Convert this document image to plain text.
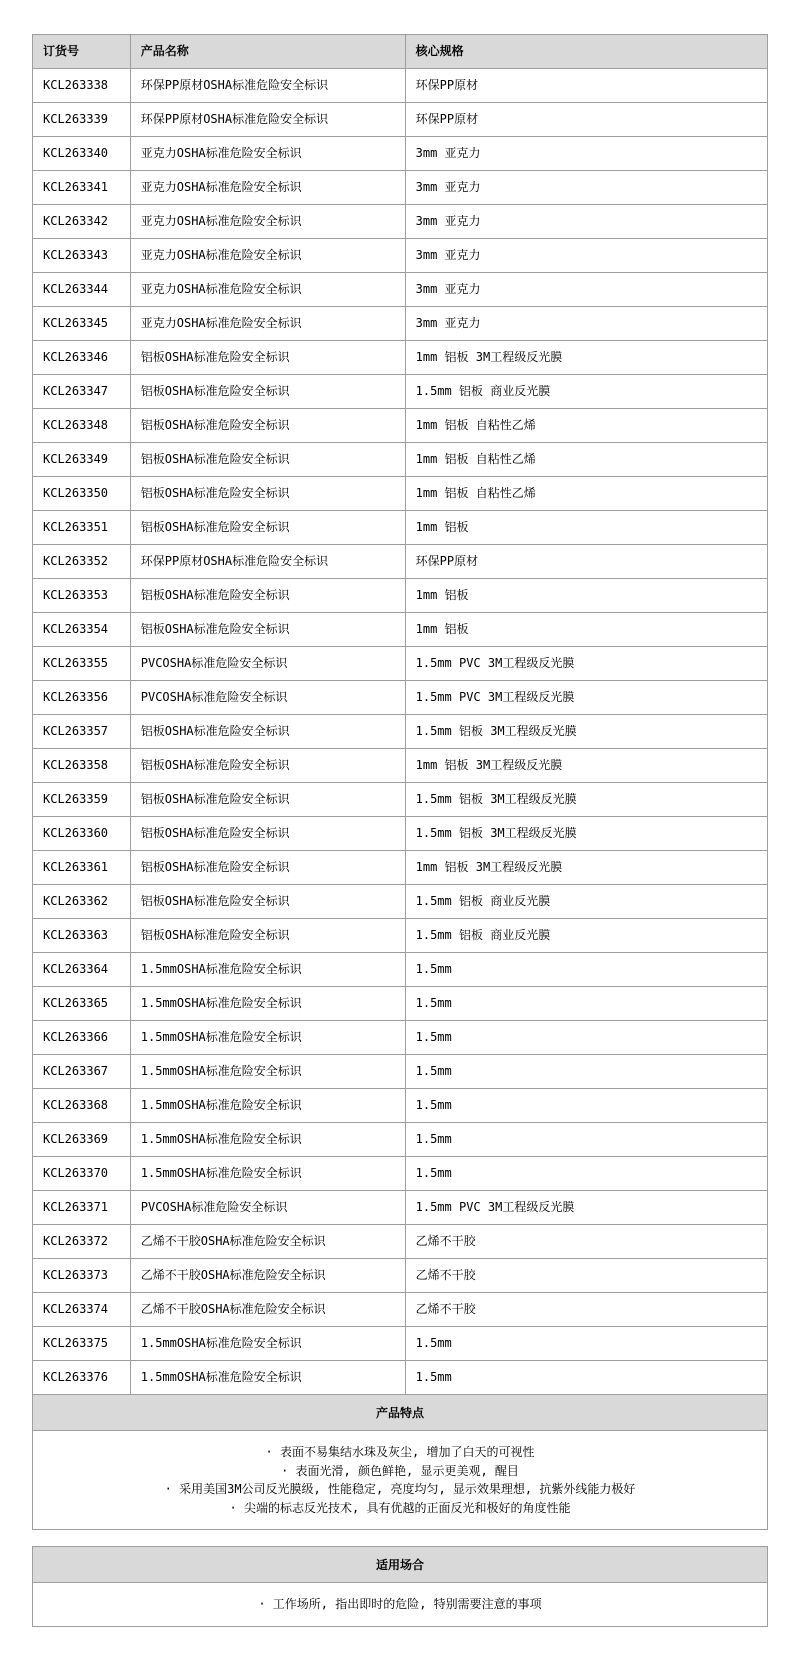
订货号	产品名称	核心规格
KCL263338	环保PP原材OSHA标准危险安全标识	环保PP原材
KCL263339	环保PP原材OSHA标准危险安全标识	环保PP原材
KCL263340	亚克力OSHA标准危险安全标识	3mm 亚克力
KCL263341	亚克力OSHA标准危险安全标识	3mm 亚克力
KCL263342	亚克力OSHA标准危险安全标识	3mm 亚克力
KCL263343	亚克力OSHA标准危险安全标识	3mm 亚克力
KCL263344	亚克力OSHA标准危险安全标识	3mm 亚克力
KCL263345	亚克力OSHA标准危险安全标识	3mm 亚克力
KCL263346	铝板OSHA标准危险安全标识	1mm 铝板 3M工程级反光膜
KCL263347	铝板OSHA标准危险安全标识	1.5mm 铝板 商业反光膜
KCL263348	铝板OSHA标准危险安全标识	1mm 铝板 自粘性乙烯
KCL263349	铝板OSHA标准危险安全标识	1mm 铝板 自粘性乙烯
KCL263350	铝板OSHA标准危险安全标识	1mm 铝板 自粘性乙烯
KCL263351	铝板OSHA标准危险安全标识	1mm 铝板
KCL263352	环保PP原材OSHA标准危险安全标识	环保PP原材
KCL263353	铝板OSHA标准危险安全标识	1mm 铝板
KCL263354	铝板OSHA标准危险安全标识	1mm 铝板
KCL263355	PVCOSHA标准危险安全标识	1.5mm PVC 3M工程级反光膜
KCL263356	PVCOSHA标准危险安全标识	1.5mm PVC 3M工程级反光膜
KCL263357	铝板OSHA标准危险安全标识	1.5mm 铝板 3M工程级反光膜
KCL263358	铝板OSHA标准危险安全标识	1mm 铝板 3M工程级反光膜
KCL263359	铝板OSHA标准危险安全标识	1.5mm 铝板 3M工程级反光膜
KCL263360	铝板OSHA标准危险安全标识	1.5mm 铝板 3M工程级反光膜
KCL263361	铝板OSHA标准危险安全标识	1mm 铝板 3M工程级反光膜
KCL263362	铝板OSHA标准危险安全标识	1.5mm 铝板 商业反光膜
KCL263363	铝板OSHA标准危险安全标识	1.5mm 铝板 商业反光膜
KCL263364	1.5mmOSHA标准危险安全标识	1.5mm
KCL263365	1.5mmOSHA标准危险安全标识	1.5mm
KCL263366	1.5mmOSHA标准危险安全标识	1.5mm
KCL263367	1.5mmOSHA标准危险安全标识	1.5mm
KCL263368	1.5mmOSHA标准危险安全标识	1.5mm
KCL263369	1.5mmOSHA标准危险安全标识	1.5mm
KCL263370	1.5mmOSHA标准危险安全标识	1.5mm
KCL263371	PVCOSHA标准危险安全标识	1.5mm PVC 3M工程级反光膜
KCL263372	乙烯不干胶OSHA标准危险安全标识	乙烯不干胶
KCL263373	乙烯不干胶OSHA标准危险安全标识	乙烯不干胶
KCL263374	乙烯不干胶OSHA标准危险安全标识	乙烯不干胶
KCL263375	1.5mmOSHA标准危险安全标识	1.5mm
KCL263376	1.5mmOSHA标准危险安全标识	1.5mm
产品特点
· 表面不易集结水珠及灰尘, 增加了白天的可视性
· 表面光滑, 颜色鲜艳, 显示更美观, 醒目
· 采用美国3M公司反光膜级, 性能稳定, 亮度均匀, 显示效果理想, 抗紫外线能力极好
· 尖端的标志反光技术, 具有优越的正面反光和极好的角度性能
适用场合
· 工作场所, 指出即时的危险, 特别需要注意的事项
